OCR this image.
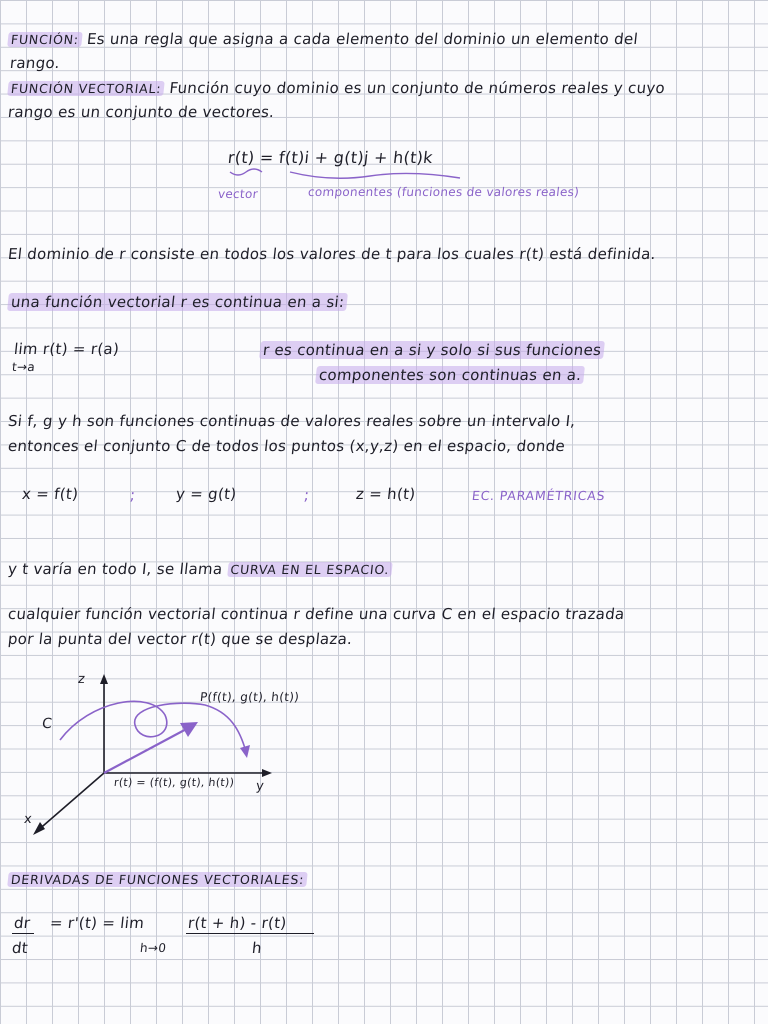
FUNCIÓN: Es una regla que asigna a cada elemento del dominio un elemento del
rango.
FUNCIÓN VECTORIAL: Función cuyo dominio es un conjunto de números reales y cuyo
rango es un conjunto de vectores.
r(t) = f(t)i + g(t)j + h(t)k
vector	componentes (funciones de valores reales)
El dominio de r consiste en todos los valores de t para los cuales r(t) está definida.
una función vectorial r es continua en a si:
lim r(t) = r(a)
t→a
r es continua en a si y solo si sus funciones
componentes son continuas en a.
Si f, g y h son funciones continuas de valores reales sobre un intervalo I,
entonces el conjunto C de todos los puntos (x,y,z) en el espacio, donde
x = f(t)	;	y = g(t)	;	z = h(t)	EC. PARAMÉTRICAS
y t varía en todo I, se llama CURVA EN EL ESPACIO.
cualquier función vectorial continua r define una curva C en el espacio trazada
por la punta del vector r(t) que se desplaza.
z
y
x
C
P(f(t), g(t), h(t))
r(t) = (f(t), g(t), h(t))
DERIVADAS DE FUNCIONES VECTORIALES:
dr
dt
= r'(t) = lim
h→0
r(t + h) - r(t)
h
